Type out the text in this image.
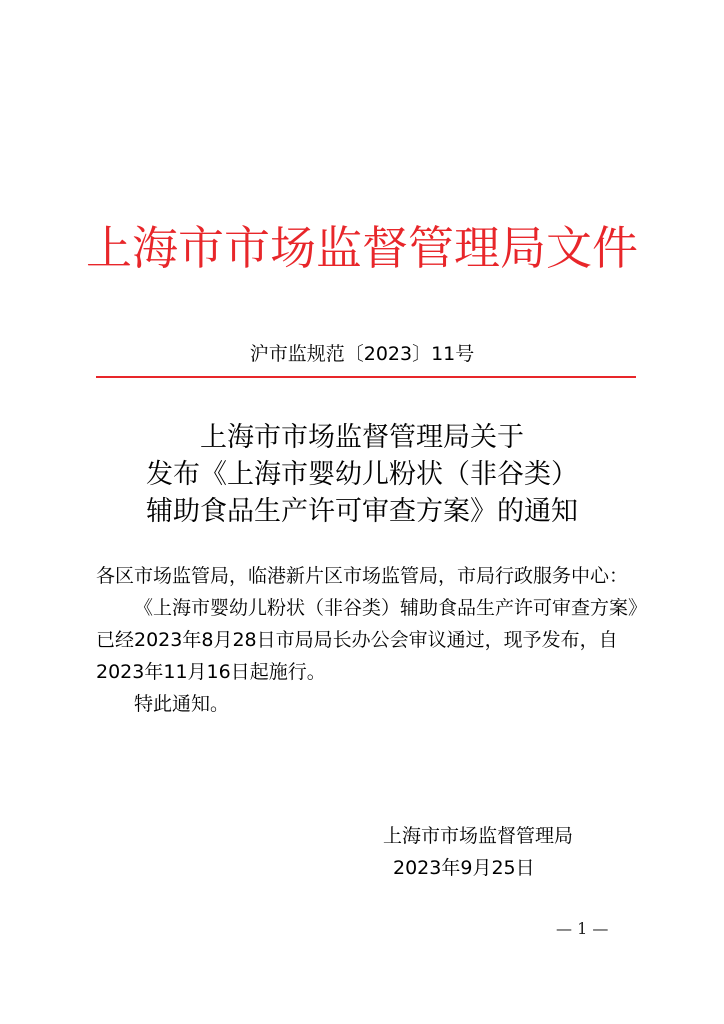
上海市市场监督管理局文件
沪市监规范〔2023〕11号
上海市市场监督管理局关于
发布《上海市婴幼儿粉状（非谷类）
辅助食品生产许可审查方案》的通知

各区市场监管局，临港新片区市场监管局，市局行政服务中心：

《上海市婴幼儿粉状（非谷类）辅助食品生产许可审查方案》已经2023年8月28日市局局长办公会审议通过，现予发布，自2023年11月16日起施行。

特此通知。

上海市市场监督管理局
2023年9月25日
— 1 —
